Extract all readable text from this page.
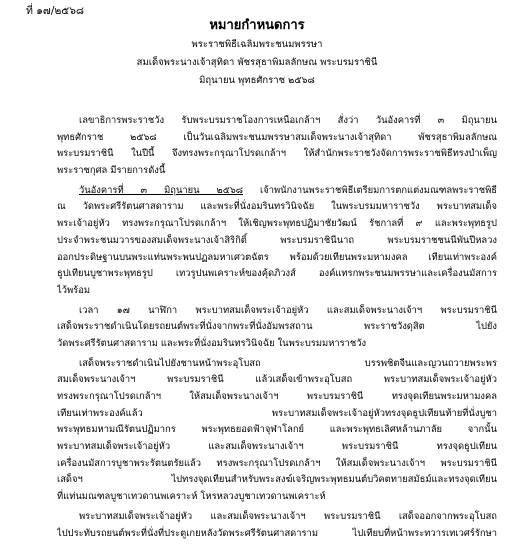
ที่ ๑๗/๒๕๖๘
หมายกำหนดการ
พระราชพิธีเฉลิมพระชนมพรรษา
สมเด็จพระนางเจ้าสุทิดา พัชรสุธาพิมลลักษณ พระบรมราชินี
มิถุนายน พุทธศักราช ๒๕๖๘
เลขาธิการพระราชวัง รับพระบรมราชโองการเหนือเกล้าฯ สั่งว่า วันอังคารที่ ๓ มิถุนายน
พุทธศักราช ๒๕๖๘ เป็นวันเฉลิมพระชนมพรรษาสมเด็จพระนางเจ้าสุทิดา พัชรสุธาพิมลลักษณ
พระบรมราชินี ในปีนี้ จึงทรงพระกรุณาโปรดเกล้าฯ ให้สำนักพระราชวังจัดการพระราชพิธีทรงบำเพ็ญ
พระราชกุศล มีรายการดังนี้
วันอังคารที่ ๓ มิถุนายน ๒๕๖๘ เจ้าพนักงานพระราชพิธีเตรียมการตกแต่งมณฑลพระราชพิธี
ณ วัดพระศรีรัตนศาสดาราม และพระที่นั่งอมรินทรวินิจฉัย ในพระบรมมหาราชวัง พระบาทสมเด็จ
พระเจ้าอยู่หัว ทรงพระกรุณาโปรดเกล้าฯ ให้เชิญพระพุทธปฏิมาชัยวัฒน์ รัชกาลที่ ๙ และพระพุทธรูป
ประจำพระชนมวารของสมเด็จพระนางเจ้าสิริกิติ์ พระบรมราชินีนาถ พระบรมราชชนนีพันปีหลวง
ออกประดิษฐานบนพระแท่นพระพนปฏลมหาเศวตฉัตร พร้อมด้วยเทียนพระมหามงคล เทียนเท่าพระองค์
ธูปเทียนบูชาพระพุทธรูป เทวรูปนพเคราะห์ของคุ้ดภิวงส์ องค์แทรกพระชนมพรรษาและเครื่องนมัสการ
ไว้พร้อม
เวลา ๑๗ นาฬิกา พระบาทสมเด็จพระเจ้าอยู่หัว และสมเด็จพระนางเจ้าฯ พระบรมราชินี
เสด็จพระราชดำเนินโดยรถยนต์พระที่นั่งจากพระที่นั่งอัมพรสถาน พระราชวังดุสิต ไปยัง
วัดพระศรีรัตนศาสดาราม และพระที่นั่งอมรินทรวินิจฉัย ในพระบรมมหาราชวัง
เสด็จพระราชดำเนินไปยังชานหน้าพระอุโบสถ บรรพชิตจีนและญวนถวายพระพร
สมเด็จพระนางเจ้าฯ พระบรมราชินี แล้วเสด็จเข้าพระอุโบสถ พระบาทสมเด็จพระเจ้าอยู่หัว
ทรงพระกรุณาโปรดเกล้าฯ ให้สมเด็จพระนางเจ้าฯ พระบรมราชินี ทรงจุดเทียนพระมหามงคล
เทียนเท่าพระองค์แล้ว พระบาทสมเด็จพระเจ้าอยู่หัวทรงจุดธูปเทียนท้ายที่นั่งบูชา
พระพุทธมหามณีรัตนปฏิมากร พระพุทธยอดฟ้าจุฬาโลกย์ และพระพุทธเลิศหล้านภาลัย จากนั้น
พระบาทสมเด็จพระเจ้าอยู่หัว และสมเด็จพระนางเจ้าฯ พระบรมราชินี ทรงจุดธูปเทียน
เครื่องนมัสการบูชาพระรัตนตรัยแล้ว ทรงพระกรุณาโปรดเกล้าฯ ให้สมเด็จพระนางเจ้าฯ พระบรมราชินี
เสด็จฯ ไปทรงจุดเทียนสำหรับพระสงฆ์เจริญพระพุทธมนต์บวิคตทายสมัธม์และทรงจุดเทียน
ที่แท่นมณฑลบูชาเทวดานพเคราะห์ โหรหลวงบูชาเทวดานพเคราะห์
พระบาทสมเด็จพระเจ้าอยู่หัว และสมเด็จพระนางเจ้าฯ พระบรมราชินี เสด็จออกจากพระอุโบสถ
ไปประทับรถยนต์พระที่นั่งที่ประตูเกยหลังวัดพระศรีรัตนศาสดาราม ไปเทียบที่หน้าพระทวารเทเวศร์รักษา
